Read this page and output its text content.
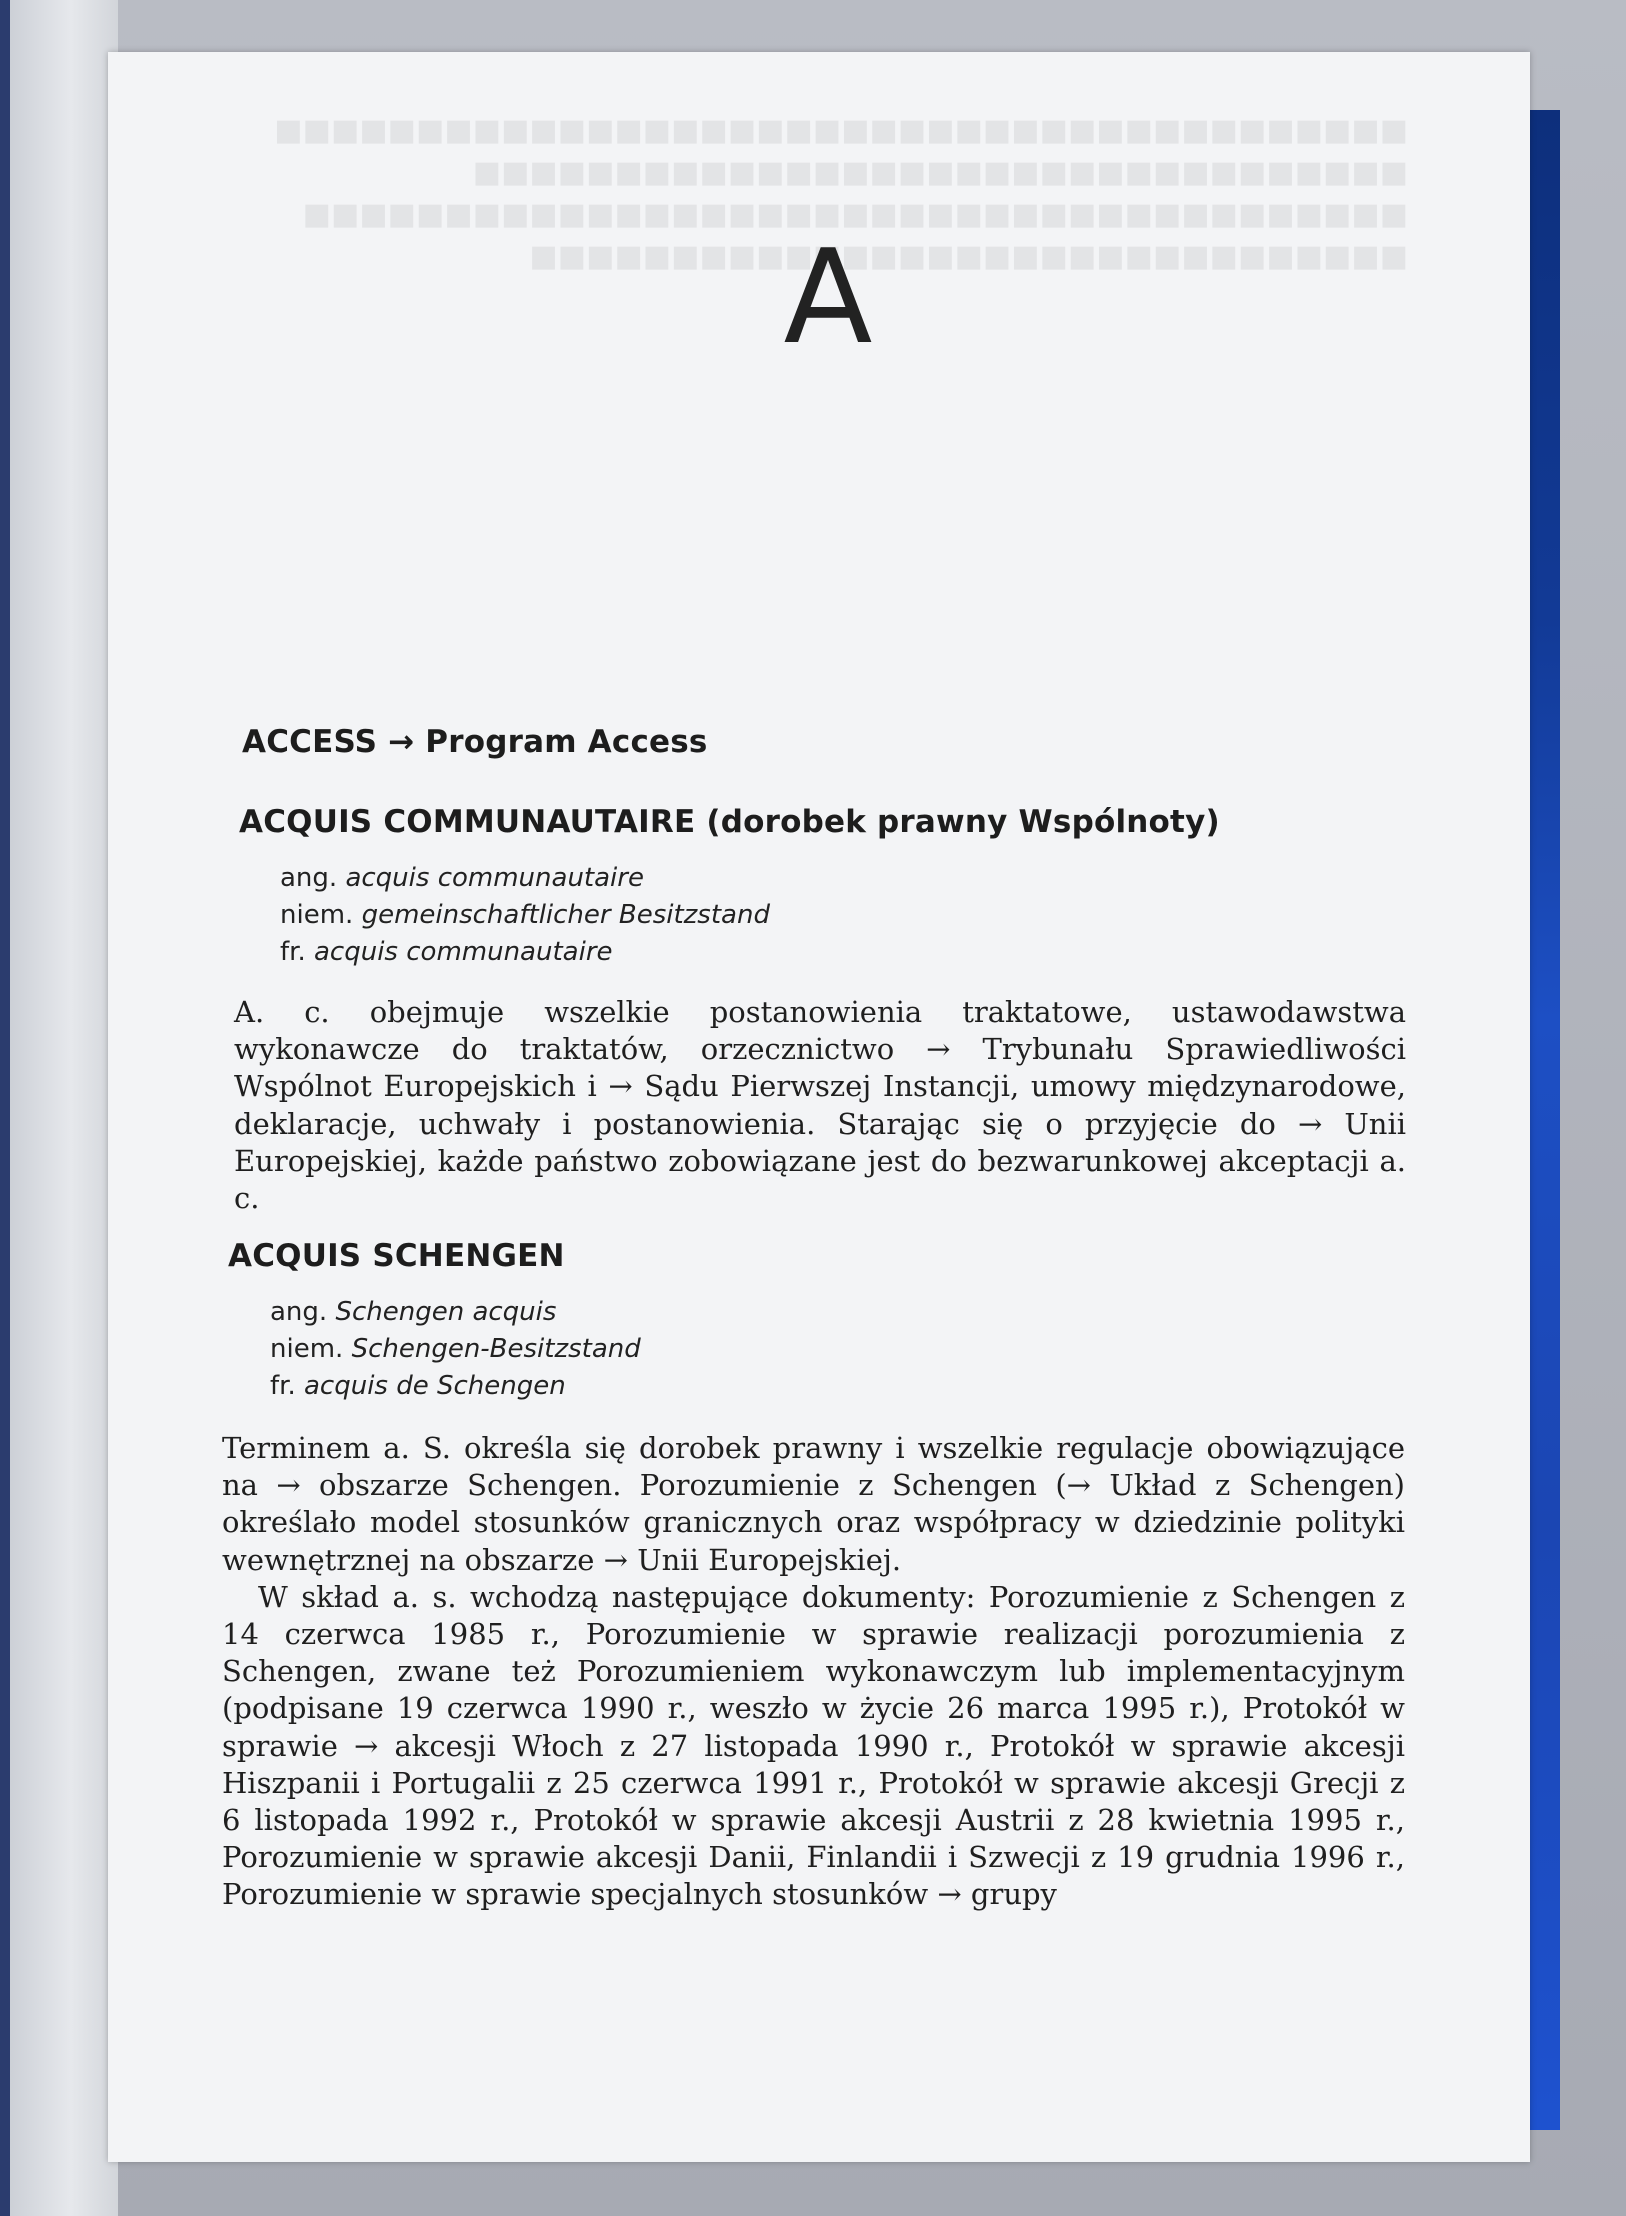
■■■■■■■■■■■■■■■■■■■■■■■■■■■■■■■■■■■■■■■■

■■■■■■■■■■■■■■■■■■■■■■■■■■■■■■■■■

■■■■■■■■■■■■■■■■■■■■■■■■■■■■■■■■■■■■■■■

■■■■■■■■■■■■■■■■■■■■■■■■■■■■■■■

A
ACCESS → Program Access
ACQUIS COMMUNAUTAIRE (dorobek prawny Wspólnoty)
ang. acquis communautaire
niem. gemeinschaftlicher Besitzstand
fr. acquis communautaire

A. c. obejmuje wszelkie postanowienia traktatowe, ustawodawstwa wykonawcze do traktatów, orzecznictwo → Trybunału Sprawiedliwości Wspólnot Europejskich i → Sądu Pierwszej Instancji, umowy międzynarodowe, deklaracje, uchwały i postanowienia. Starając się o przyjęcie do → Unii Europejskiej, każde państwo zobowiązane jest do bezwarunkowej akceptacji a. c.

ACQUIS SCHENGEN
ang. Schengen acquis
niem. Schengen-Besitzstand
fr. acquis de Schengen

Terminem a. S. określa się dorobek prawny i wszelkie regulacje obowiązujące na → obszarze Schengen. Porozumienie z Schengen (→ Układ z Schengen) określało model stosunków granicznych oraz współpracy w dziedzinie polityki wewnętrznej na obszarze → Unii Europejskiej.

W skład a. s. wchodzą następujące dokumenty: Porozumienie z Schengen z 14 czerwca 1985 r., Porozumienie w sprawie realizacji porozumienia z Schengen, zwane też Porozumieniem wykonawczym lub implementacyjnym (podpisane 19 czerwca 1990 r., weszło w życie 26 marca 1995 r.), Protokół w sprawie → akcesji Włoch z 27 listopada 1990 r., Protokół w sprawie akcesji Hiszpanii i Portugalii z 25 czerwca 1991 r., Protokół w sprawie akcesji Grecji z 6 listopada 1992 r., Protokół w sprawie akcesji Austrii z 28 kwietnia 1995 r., Porozumienie w sprawie akcesji Danii, Finlandii i Szwecji z 19 grudnia 1996 r., Porozumienie w sprawie specjalnych stosunków → grupy
